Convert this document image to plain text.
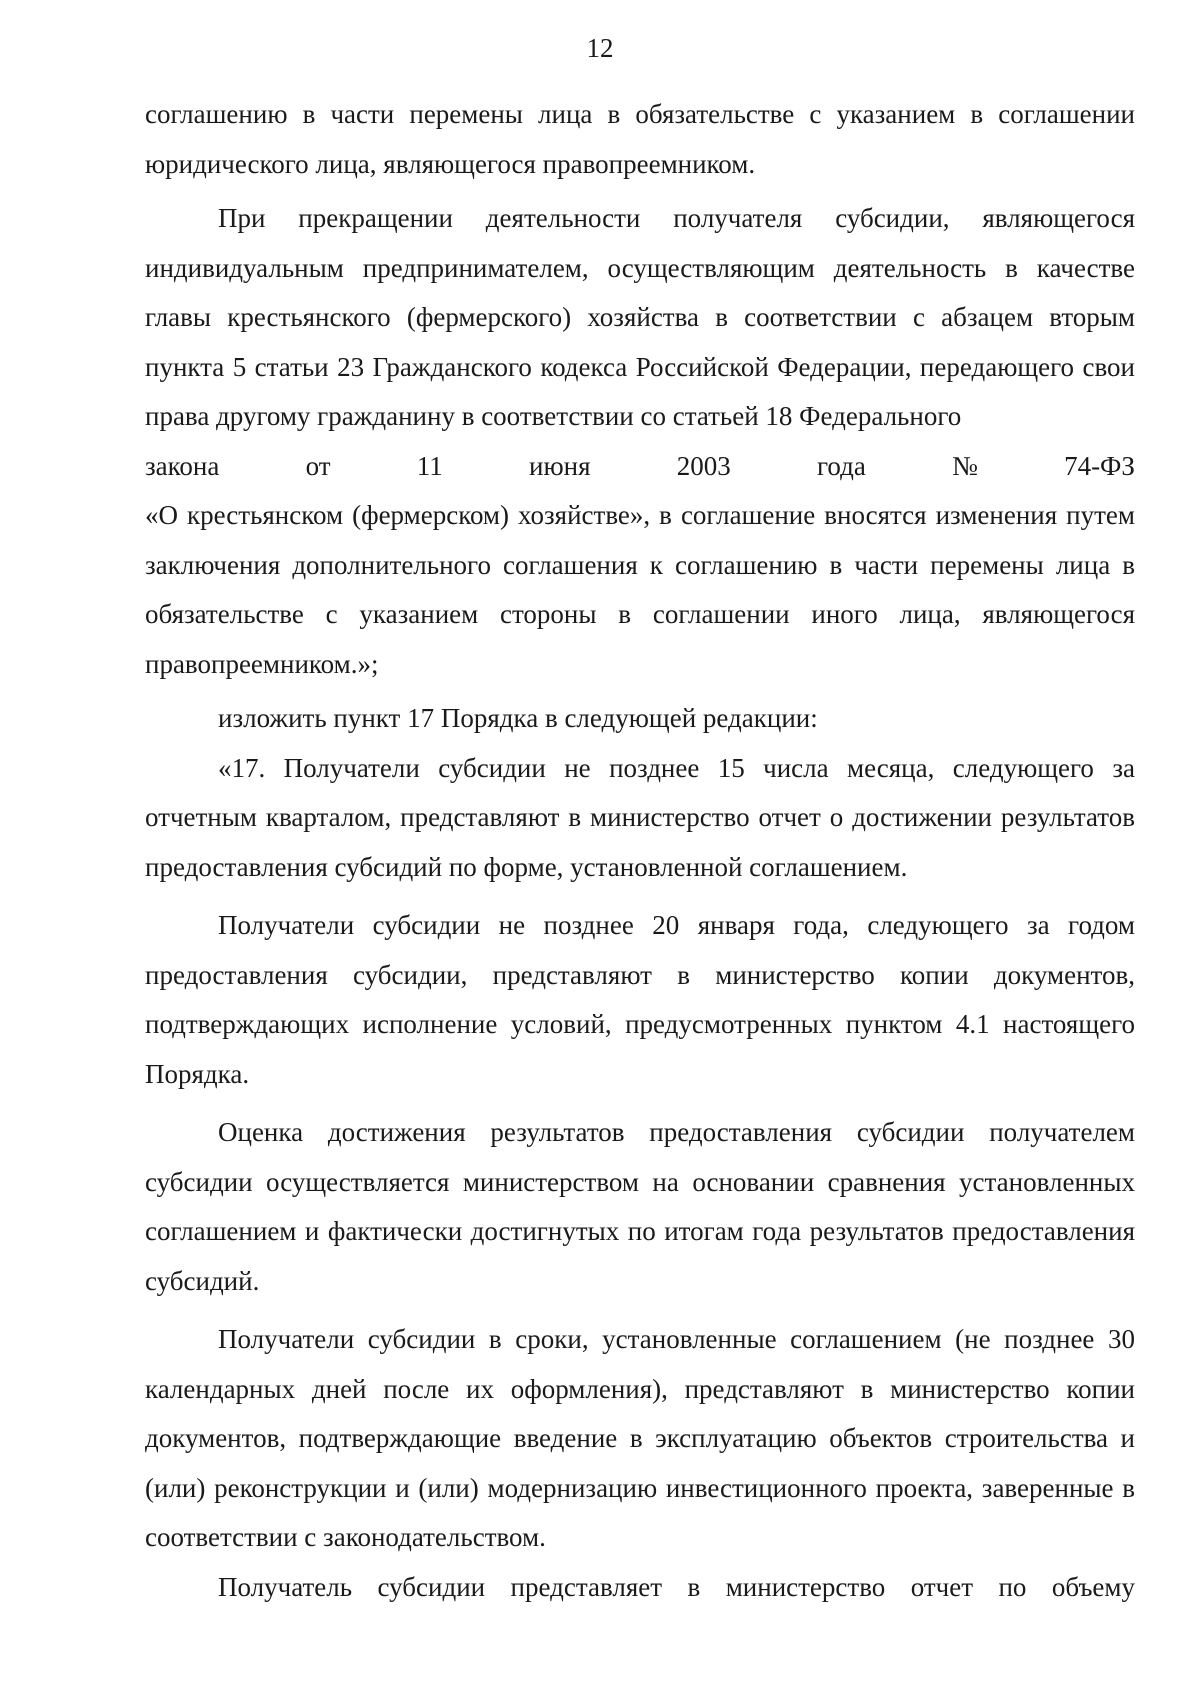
12

соглашению в части перемены лица в обязательстве с указанием в соглашении юридического лица, являющегося правопреемником.

При прекращении деятельности получателя субсидии, являющегося индивидуальным предпринимателем, осуществляющим деятельность в качестве главы крестьянского (фермерского) хозяйства в соответствии с абзацем вторым пункта 5 статьи 23 Гражданского кодекса Российской Федерации, передающего свои права другому гражданину в соответствии со статьей 18 Федерального

закона	от	11	июня	2003	года	№	74-ФЗ

«О крестьянском (фермерском) хозяйстве», в соглашение вносятся изменения путем заключения дополнительного соглашения к соглашению в части перемены лица в обязательстве с указанием стороны в соглашении иного лица, являющегося правопреемником.»;

изложить пункт 17 Порядка в следующей редакции:

«17. Получатели субсидии не позднее 15 числа месяца, следующего за отчетным кварталом, представляют в министерство отчет о достижении результатов предоставления субсидий по форме, установленной соглашением.

Получатели субсидии не позднее 20 января года, следующего за годом предоставления субсидии, представляют в министерство копии документов, подтверждающих исполнение условий, предусмотренных пунктом 4.1 настоящего Порядка.

Оценка достижения результатов предоставления субсидии получателем субсидии осуществляется министерством на основании сравнения установленных соглашением и фактически достигнутых по итогам года результатов предоставления субсидий.

Получатели субсидии в сроки, установленные соглашением (не позднее 30 календарных дней после их оформления), представляют в министерство копии документов, подтверждающие введение в эксплуатацию объектов строительства и (или) реконструкции и (или) модернизацию инвестиционного проекта, заверенные в соответствии с законодательством.

Получатель субсидии представляет в министерство отчет по объему
